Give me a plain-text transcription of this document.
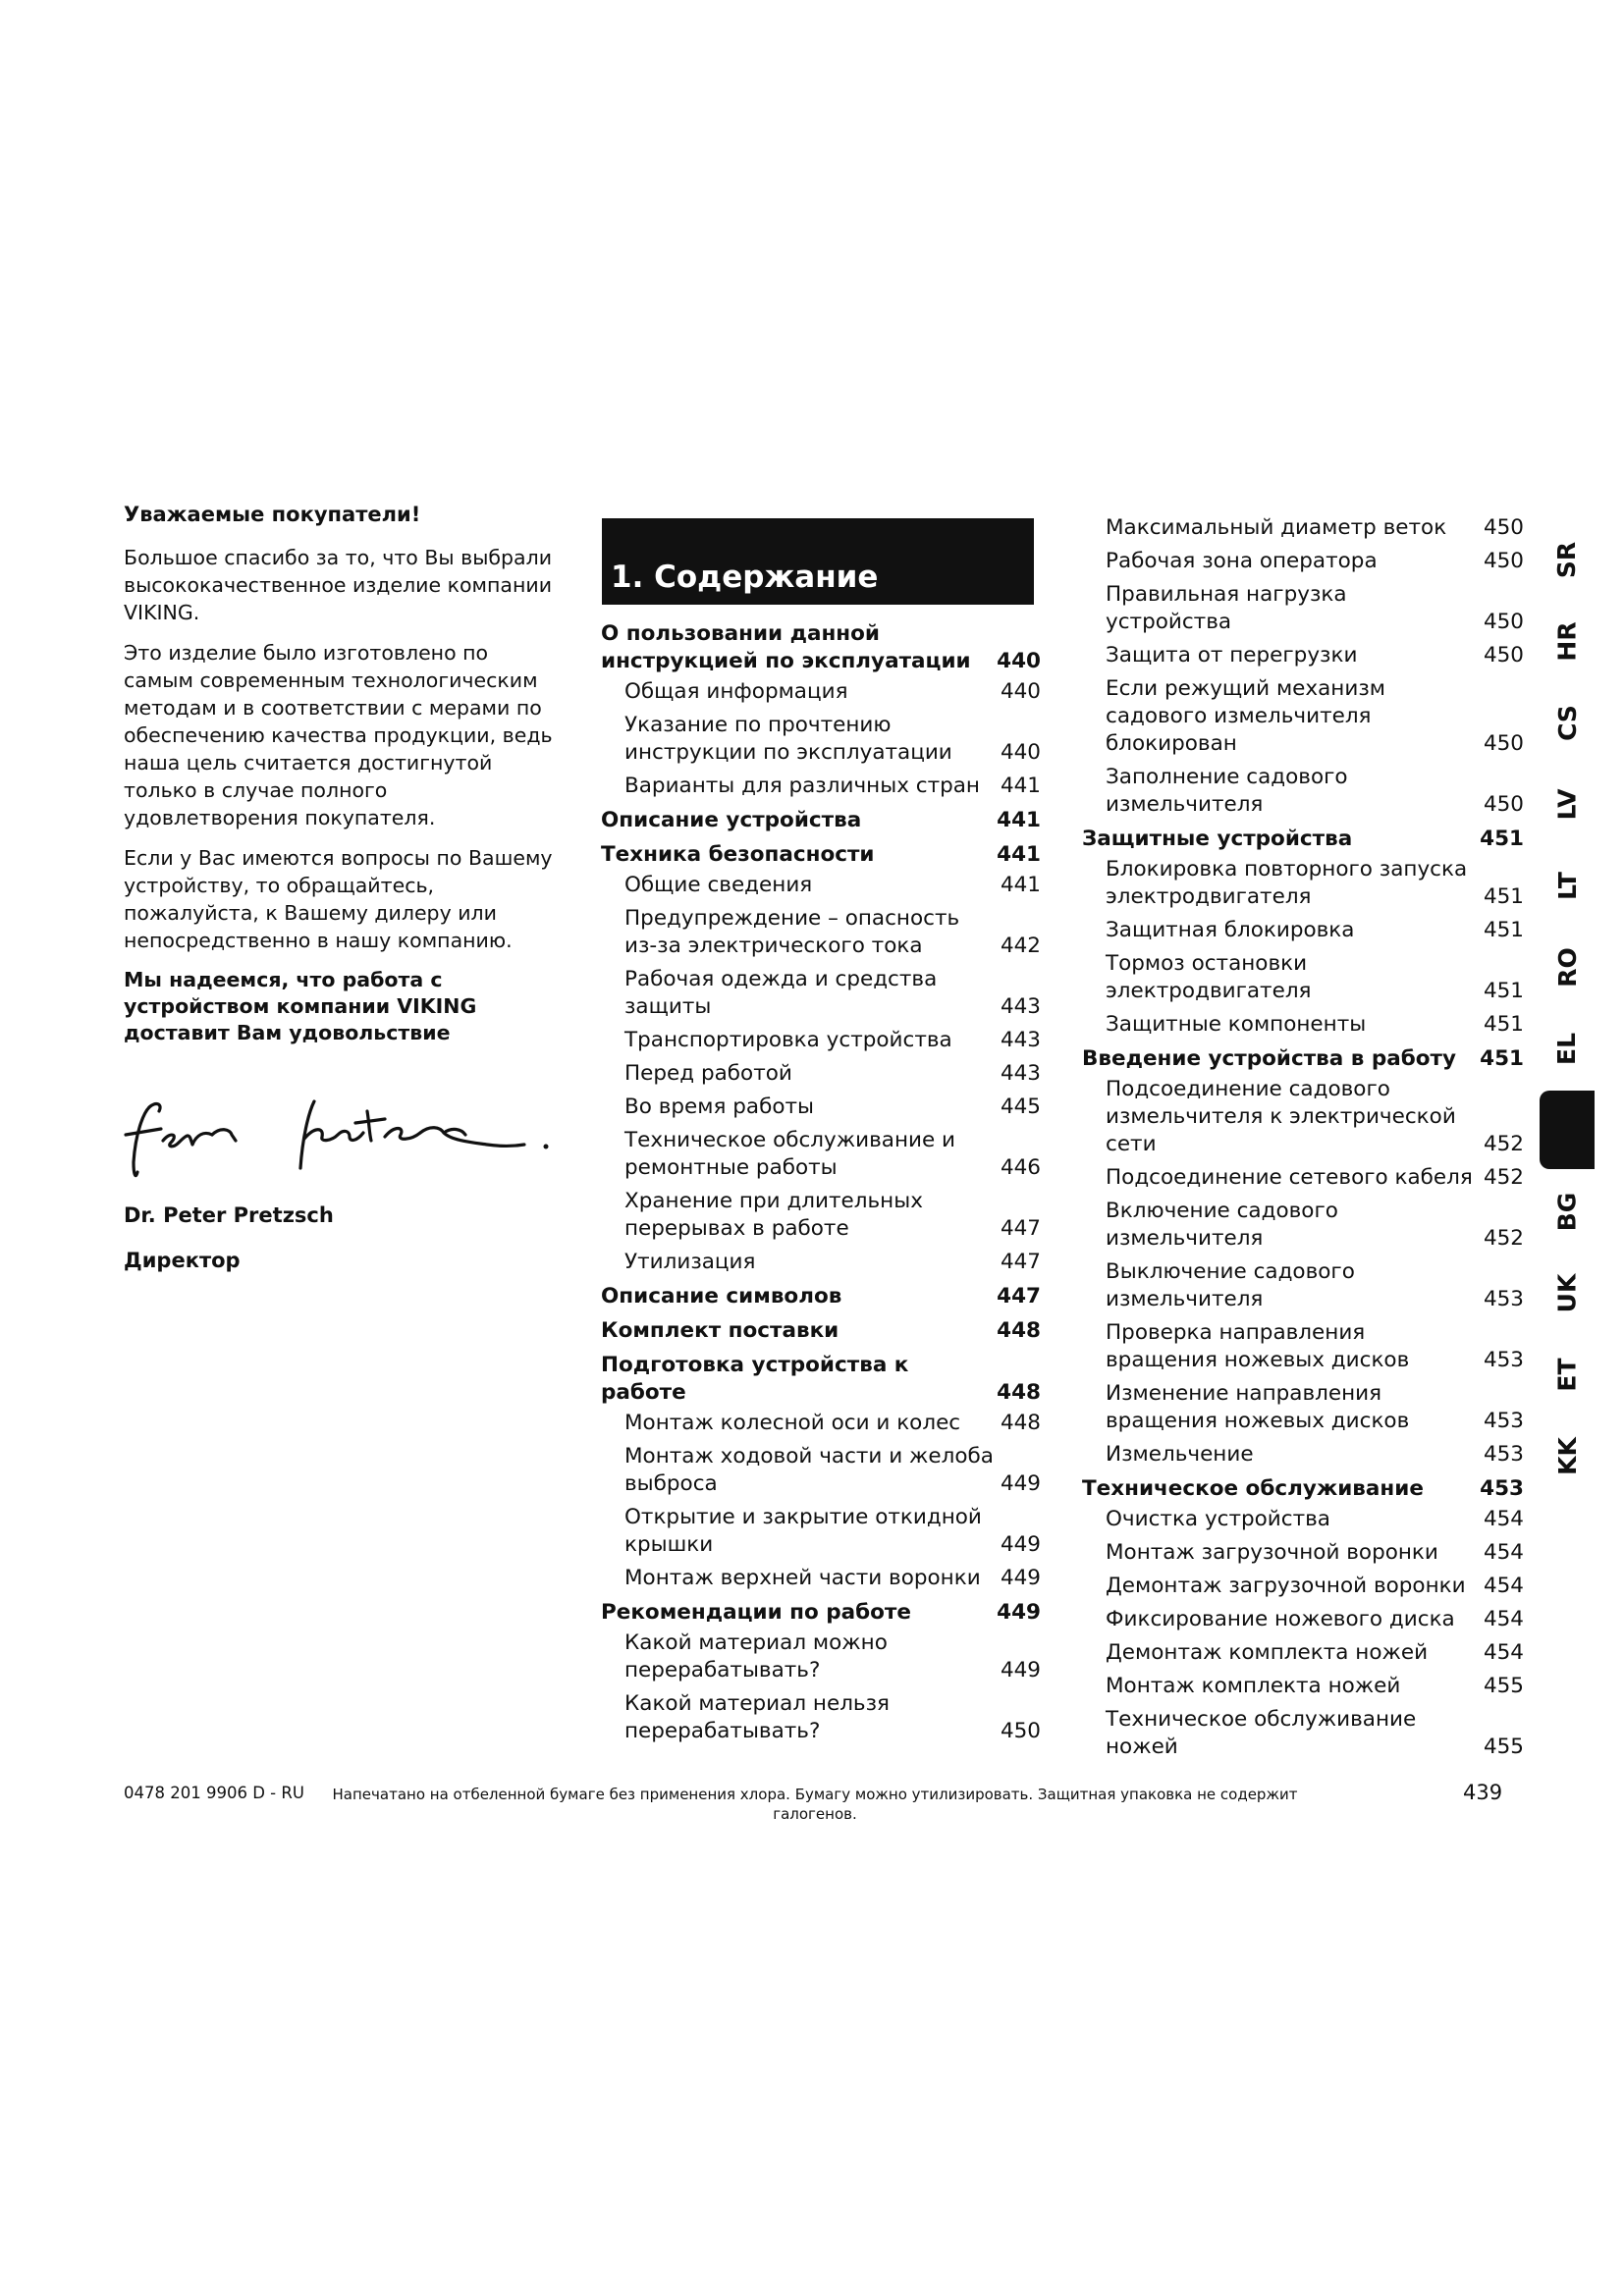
Уважаемые покупатели!

Большое спасибо за то, что Вы выбрали высококачественное изделие компании VIKING.

Это изделие было изготовлено по самым современным технологическим методам и в соответствии с мерами по обеспечению качества продукции, ведь наша цель считается достигнутой только в случае полного удовлетворения покупателя.

Если у Вас имеются вопросы по Вашему устройству, то обращайтесь, пожалуйста, к Вашему дилеру или непосредственно в нашу компанию.

Мы надеемся, что работа с устройством компании VIKING доставит Вам удовольствие

Dr. Peter Pretzsch
Директор
1. Содержание
О пользовании данной инструкцией по эксплуатации	440
Общая информация	440
Указание по прочтению инструкции по эксплуатации	440
Варианты для различных стран 441
Описание устройства	441
Техника безопасности	441
Общие сведения	441
Предупреждение – опасность из-за электрического тока	442
Рабочая одежда и средства защиты	443
Транспортировка устройства	443
Перед работой	443
Во время работы	445
Техническое обслуживание и ремонтные работы	446
Хранение при длительных перерывах в работе	447
Утилизация	447
Описание символов	447
Комплект поставки	448
Подготовка устройства к работе	448
Монтаж колесной оси и колес	448
Монтаж ходовой части и желоба выброса	449
Открытие и закрытие откидной крышки	449
Монтаж верхней части воронки 449
Рекомендации по работе	449
Какой материал можно перерабатывать?	449
Какой материал нельзя перерабатывать?	450
Максимальный диаметр веток	450
Рабочая зона оператора	450
Правильная нагрузка устройства	450
Защита от перегрузки	450
Если режущий механизм садового измельчителя блокирован	450
Заполнение садового измельчителя	450
Защитные устройства	451
Блокировка повторного запуска электродвигателя	451
Защитная блокировка	451
Тормоз остановки электродвигателя	451
Защитные компоненты	451
Введение устройства в работу	451
Подсоединение садового измельчителя к электрической сети	452
Подсоединение сетевого кабеля 452
Включение садового измельчителя	452
Выключение садового измельчителя	453
Проверка направления вращения ножевых дисков	453
Изменение направления вращения ножевых дисков	453
Измельчение	453
Техническое обслуживание	453
Очистка устройства	454
Монтаж загрузочной воронки	454
Демонтаж загрузочной воронки 454
Фиксирование ножевого диска	454
Демонтаж комплекта ножей	454
Монтаж комплекта ножей	455
Техническое обслуживание ножей	455
SR
HR
CS
LV
LT
RO
EL
BG
UK
ET
KK
0478 201 9906 D - RU	Напечатано на отбеленной бумаге без применения хлора. Бумагу можно утилизировать. Защитная упаковка не содержит галогенов.
439
